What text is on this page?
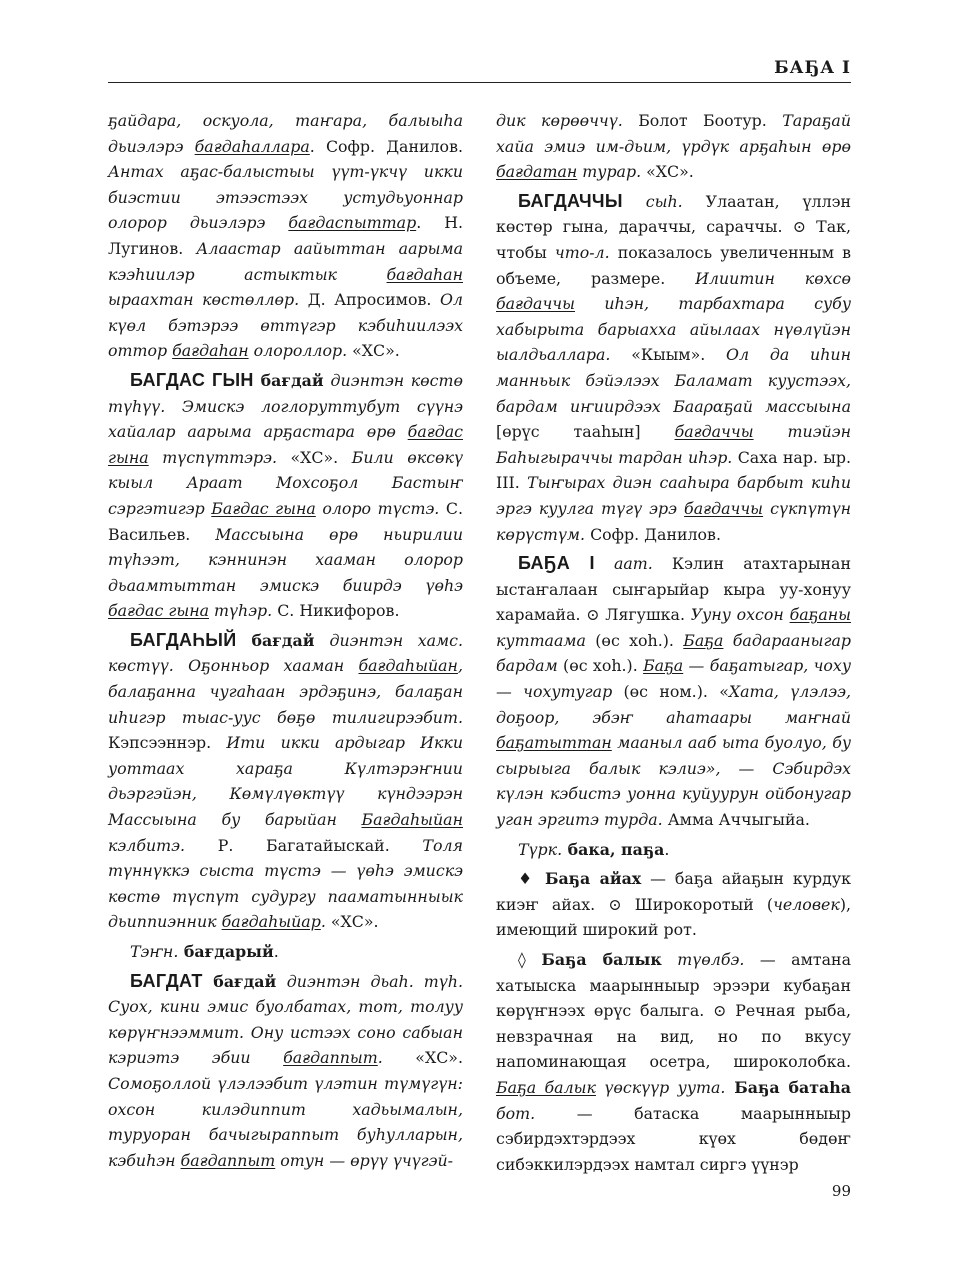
БАҔА I

ҕайдара, оскуола, таҥара, балыыһа дьиэлэрэ бағдаһаллара. Софр. Данилов. Антах аҕас-балыстыы үүт-үкчү икки биэстии этээстээх устудьуоннар олорор дьиэлэрэ бағдаспыттар. Н. Лугинов. Алаастар аайыттан аарыма кээһиилэр астыктык бағдаһан ыраахтан көстөллөр. Д. Апросимов. Ол күөл бэтэрээ өттүгэр кэбиһиилээх оттор бағдаһан олороллор. «ХС».

БАГДАС ГЫН бағдай диэнтэн көстө түһүү. Эмискэ логлоруттубут сүүнэ хайалар аарыма арҕастара өрө бағдас гына түспүттэрэ. «ХС». Били өксөкү кыыл Араат Мохсоҕол Бастыҥ сэргэтигэр Бағдас гына олоро түстэ. С. Васильев. Массыына өрө ньирилии түһээт, кэннинэн хааман олорор дьаамтыттан эмискэ биирдэ үөһэ бағдас гына түһэр. С. Никифоров.

БАГДАҺЫЙ бағдай диэнтэн хамс. көстүү. Оҕонньор хааман бағдаһыйан, балаҕанна чугаһаан эрдэҕинэ, балаҕан иһигэр тыас-уус бөҕө тилигирээбит. Кэпсээннэр. Ити икки ардыгар Икки уоттаах хараҕа Күлтэрэҥнии дьэргэйэн, Көмүлүөктүү күндээрэн Массыына бу барыйан Бағдаһыйан кэлбитэ. Р. Багатайыскай. Толя түннүккэ сыста түстэ — үөһэ эмискэ көстө түспүт судургу пааматынныык дьиппиэнник бағдаһыйар. «ХС».

Тэҥн. бағдарый.

БАГДАТ бағдай диэнтэн дьаһ. түһ. Суох, кини эмис буолбатах, тот, толуу көрүҥнээммит. Ону истээх соно сабыан кэриэтэ эбии бағдаппыт. «ХС». Сомоҕоллой үлэлээбит үлэтин түмүгүн: охсон килэдиппит хадьымалын, туруоран бачыгыраппыт буһулларын, кэбиһэн бағдаппыт отун — өрүү үчүгэй-

дик көрөөччү. Болот Боотур. Тараҕай хайа эмиэ им-дьим, үрдүк арҕаһын өрө бағдатан турар. «ХС».

БАГДАЧЧЫ сыһ. Улаатан, үллэн көстөр гына, дараччы, сараччы. ⊙ Так, чтобы что-л. показалось увеличенным в объеме, размере. Илиитин көхсө бағдаччы иһэн, тарбахтара субу хабырыта барыахха айылаах нүөлүйэн ыалдьаллара. «Кыым». Ол да иһин манньык бэйэлээх Баламат куустээх, бардам иҥиирдээх Бааραҕай массыына [өрүс тааһын] бағдаччы тиэйэн Баһыгыраччы тардан иһэр. Саха нар. ыр. III. Тыҥырах диэн сааһыра барбыт киһи эргэ куулга түгү эрэ бағдаччы сүкпүтүн көрүстүм. Софр. Данилов.

БАҔА I аат. Кэлин атахтарынан ыстаҥалаан сыҥарыйар кыра уу-хонуу харамайа. ⊙ Лягушка. Ууну охсон баҕаны куттаама (өс хоһ.). Баҕа бадарааныгар бардам (өс хоһ.). Баҕа — баҕатыгар, чоху — чохутугар (өс ном.). «Хата, үлэлээ, доҕоор, эбэҥ аһатаары маҥнай баҕатыттан мааныл ааб ыта буолуо, бу сырыыга балык кэлиэ», — Сэбирдэх күлэн кэбистэ уонна куйуурун ойбонугар уган эргитэ турда. Амма Аччыгыйа.

Түрк. бака, паҕа.

♦ Баҕа айах — баҕа айаҕын курдук киэҥ айах. ⊙ Широкоротый (человек), имеющий широкий рот.

◊ Баҕа балык түөлбэ. — амтана хатыыска маарынныыр эрээри кубаҕан көрүҥнээх өрүс балыга. ⊙ Речная рыба, невзрачная на вид, но по вкусу напоминающая осетра, широколобка. Баҕа балык үөскүүр уута. Баҕа батаһа бот. — батаска маарынныыр сэбирдэхтэрдээх күөх бөдөҥ сибэккилэрдээх намтал сиргэ үүнэр

99
